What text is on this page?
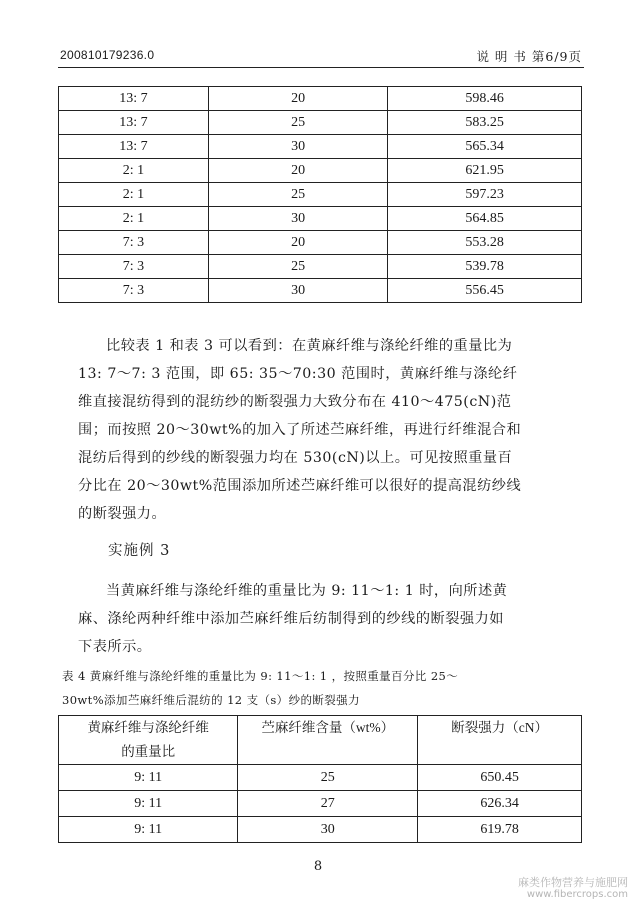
200810179236.0	说 明 书 第6/9页
13: 7	20	598.46
13: 7	25	583.25
13: 7	30	565.34
2: 1	20	621.95
2: 1	25	597.23
2: 1	30	564.85
7: 3	20	553.28
7: 3	25	539.78
7: 3	30	556.45
比较表 1 和表 3 可以看到：在黄麻纤维与涤纶纤维的重量比为
13: 7～7: 3 范围，即 65: 35～70:30 范围时，黄麻纤维与涤纶纤
维直接混纺得到的混纺纱的断裂强力大致分布在 410～475(cN)范
围；而按照 20～30wt%的加入了所述苎麻纤维，再进行纤维混合和
混纺后得到的纱线的断裂强力均在 530(cN)以上。可见按照重量百
分比在 20～30wt%范围添加所述苎麻纤维可以很好的提高混纺纱线
的断裂强力。
实施例 3
当黄麻纤维与涤纶纤维的重量比为 9: 11～1: 1 时，向所述黄
麻、涤纶两种纤维中添加苎麻纤维后纺制得到的纱线的断裂强力如
下表所示。
表 4 黄麻纤维与涤纶纤维的重量比为 9: 11～1: 1 ，按照重量百分比 25～
30wt%添加苎麻纤维后混纺的 12 支（s）纱的断裂强力
黄麻纤维与涤纶纤维
的重量比	苎麻纤维含量（wt%）	断裂强力（cN）
9: 11	25	650.45
9: 11	27	626.34
9: 11	30	619.78
8
麻类作物营养与施肥网
www.fibercrops.com
